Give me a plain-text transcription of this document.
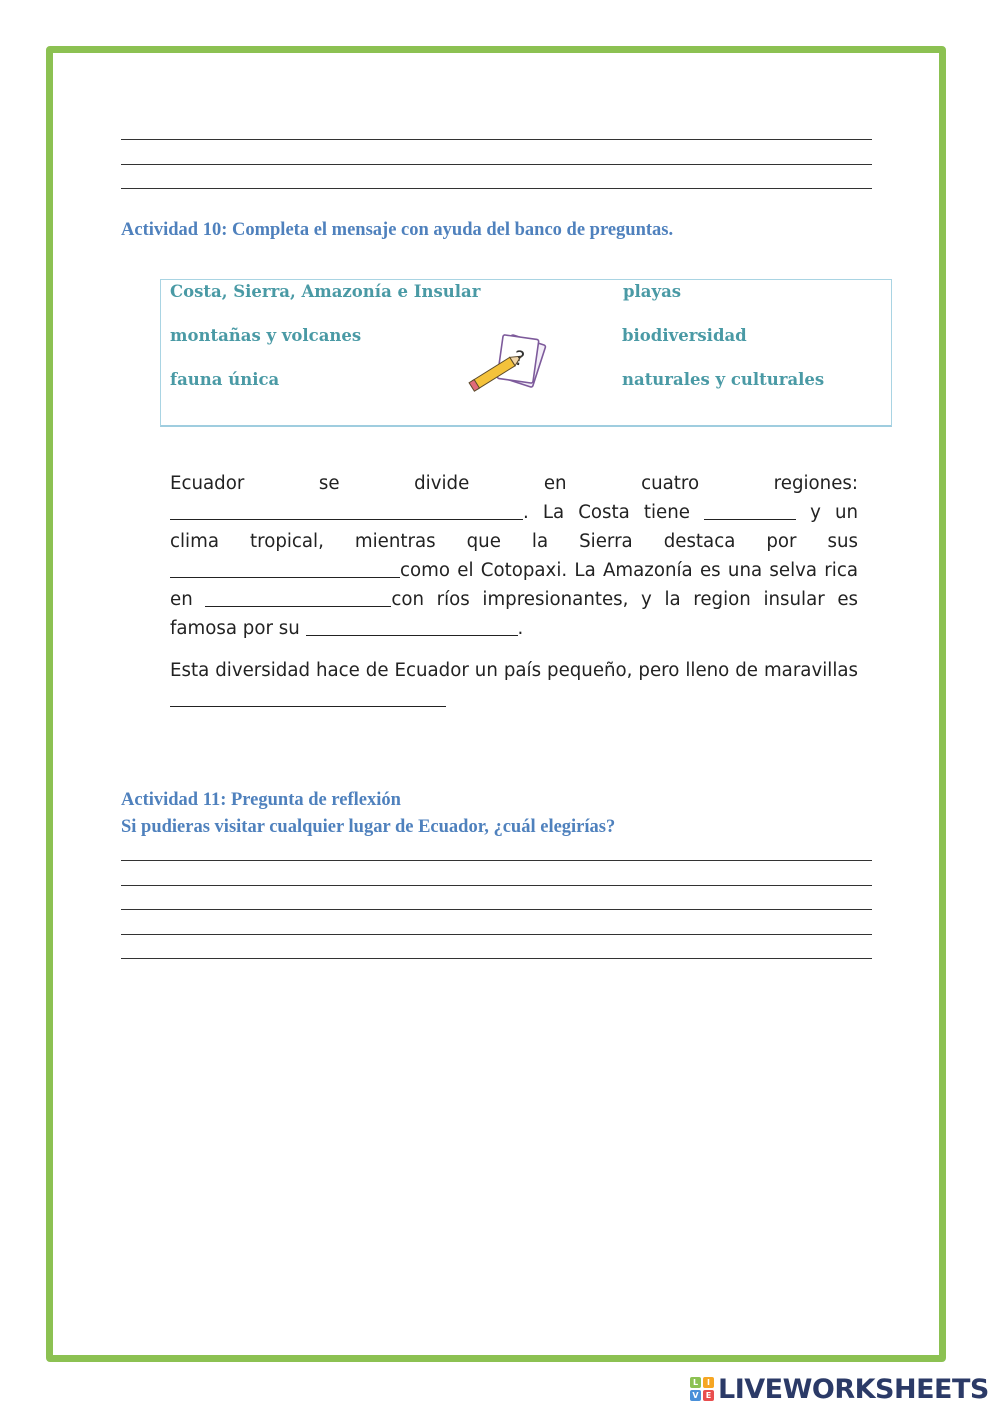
Actividad 10: Completa el mensaje con ayuda del banco de preguntas.
Costa, Sierra, Amazonía e Insular	playas
montañas y volcanes	biodiversidad
fauna única	naturales y culturales

Ecuador se divide en cuatro regiones:
. La Costa tiene	y un clima tropical, mientras que la Sierra destaca por sus como el Cotopaxi. La Amazonía es una selva rica en	con ríos impresionantes, y la region insular es famosa por su	.

Esta diversidad hace de Ecuador un país pequeño, pero lleno de maravillas

Actividad 11: Pregunta de reflexión
Si pudieras visitar cualquier lugar de Ecuador, ¿cuál elegirías?
L	I
V E LIVEWORKSHEETS
